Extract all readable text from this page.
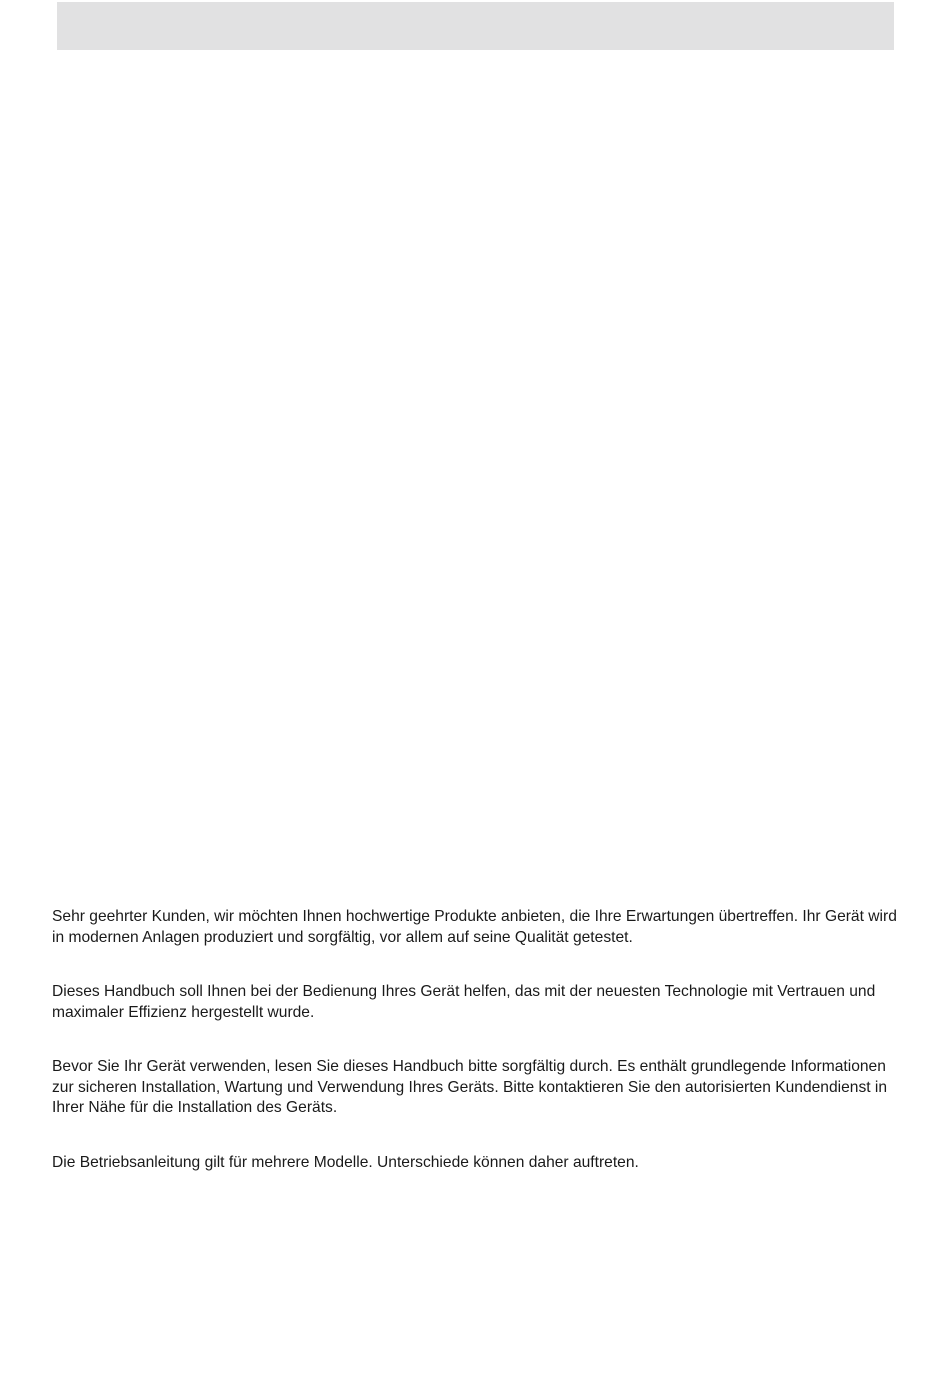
Sehr geehrter Kunden, wir möchten Ihnen hochwertige Produkte anbieten, die Ihre Erwartungen übertreffen. Ihr Gerät wird in modernen Anlagen produziert und sorgfältig, vor allem auf seine Qualität getestet.

Dieses Handbuch soll Ihnen bei der Bedienung Ihres Gerät helfen, das mit der neuesten Technologie mit Vertrauen und maximaler Effizienz hergestellt wurde.

Bevor Sie Ihr Gerät verwenden, lesen Sie dieses Handbuch bitte sorgfältig durch. Es enthält grundlegende Informationen zur sicheren Installation, Wartung und Verwendung Ihres Geräts. Bitte kontaktieren Sie den autorisierten Kundendienst in Ihrer Nähe für die Installation des Geräts.

Die Betriebsanleitung gilt für mehrere Modelle. Unterschiede können daher auftreten.
